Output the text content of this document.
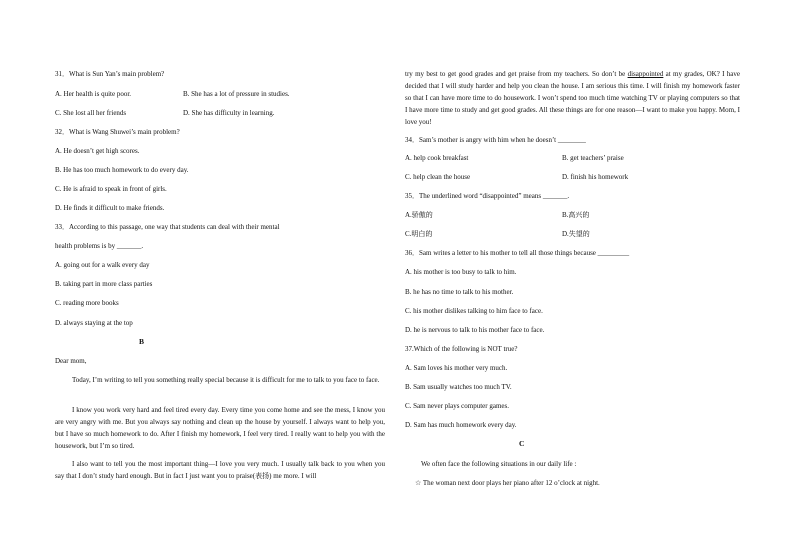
31．What is Sun Yan’s main problem?
A. Her health is quite poor.	B. She has a lot of pressure in studies.
C. She lost all her friends	D. She has difficulty in learning.
32．What is Wang Shuwei’s main problem?
A. He doesn’t get high scores.
B. He has too much homework to do every day.
C. He is afraid to speak in front of girls.
D. He finds it difficult to make friends.
33．According to this passage, one way that students can deal with their mental
health problems is by _______.
A. going out for a walk every day
B. taking part in more class parties
C. reading more books
D. always staying at the top
B
Dear mom,

Today, I’m writing to tell you something really special because it is difficult for me to talk to you face to face.

I know you work very hard and feel tired every day. Every time you come home and see the mess, I know you are very angry with me. But you always say nothing and clean up the house by yourself. I always want to help you, but I have so much homework to do. After I finish my homework, I feel very tired. I really want to help you with the housework, but I’m so tired.

I also want to tell you the most important thing—I love you very much. I usually talk back to you when you say that I don’t study hard enough. But in fact I just want you to praise(表扬) me more. I will

try my best to get good grades and get praise from my teachers. So don’t be disappointed at my grades, OK? I have decided that I will study harder and help you clean the house. I am serious this time. I will finish my homework faster so that I can have more time to do housework. I won’t spend too much time watching TV or playing computers so that I have more time to study and get good grades. All these things are for one reason—I want to make you happy. Mom, I love you!

34．Sam’s mother is angry with him when he doesn’t ________
A. help cook breakfast	B. get teachers’ praise
C. help clean the house	D. finish his homework
35．The underlined word “disappointed” means _______.
A.骄傲的	B.高兴的
C.明白的	D.失望的
36．Sam writes a letter to his mother to tell all those things because _________
A. his mother is too busy to talk to him.
B. he has no time to talk to his mother.
C. his mother dislikes talking to him face to face.
D. he is nervous to talk to his mother face to face.
37.Which of the following is NOT true?
A. Sam loves his mother very much.
B. Sam usually watches too much TV.
C. Sam never plays computer games.
D. Sam has much homework every day.
C
We often face the following situations in our daily life :
☆ The woman next door plays her piano after 12 o’clock at night.
